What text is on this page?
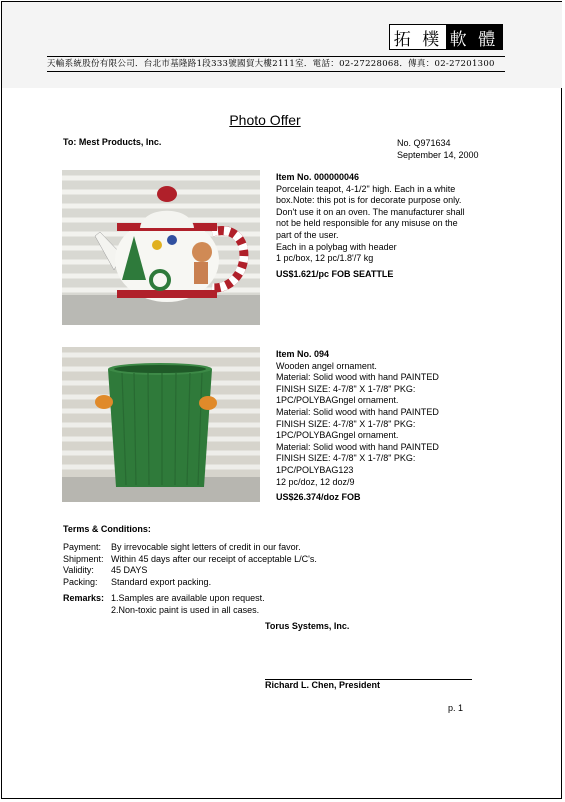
拓 樸 軟 體
天輸系統股份有限公司．台北市基隆路1段333號國貿大樓2111室．電話：02-27228068．傳真：02-27201300
Photo Offer
To: Mest Products, Inc.	No. Q971634
September 14, 2000
Item No. 000000046
Porcelain teapot, 4-1/2" high. Each in a white
box.Note: this pot is for decorate purpose only.
Don't use it on an oven. The manufacturer shall
not be held responsible for any misuse on the
part of the user.
Each in a polybag with header
1 pc/box, 12 pc/1.8'/7 kg
US$1.621/pc FOB SEATTLE
Item No. 094
Wooden angel ornament.
Material: Solid wood with hand PAINTED
FINISH SIZE: 4-7/8" X 1-7/8" PKG:
1PC/POLYBAGngel ornament.
Material: Solid wood with hand PAINTED
FINISH SIZE: 4-7/8" X 1-7/8" PKG:
1PC/POLYBAGngel ornament.
Material: Solid wood with hand PAINTED
FINISH SIZE: 4-7/8" X 1-7/8" PKG:
1PC/POLYBAG123
12 pc/doz, 12 doz/9
US$26.374/doz FOB
Terms & Conditions:
Payment:	By irrevocable sight letters of credit in our favor.
Shipment: Within 45 days after our receipt of acceptable L/C's.
Validity:	45 DAYS
Packing:	Standard export packing.
Remarks: 1.Samples are available upon request.
2.Non-toxic paint is used in all cases.
Torus Systems, Inc.
Richard L. Chen, President
p. 1
